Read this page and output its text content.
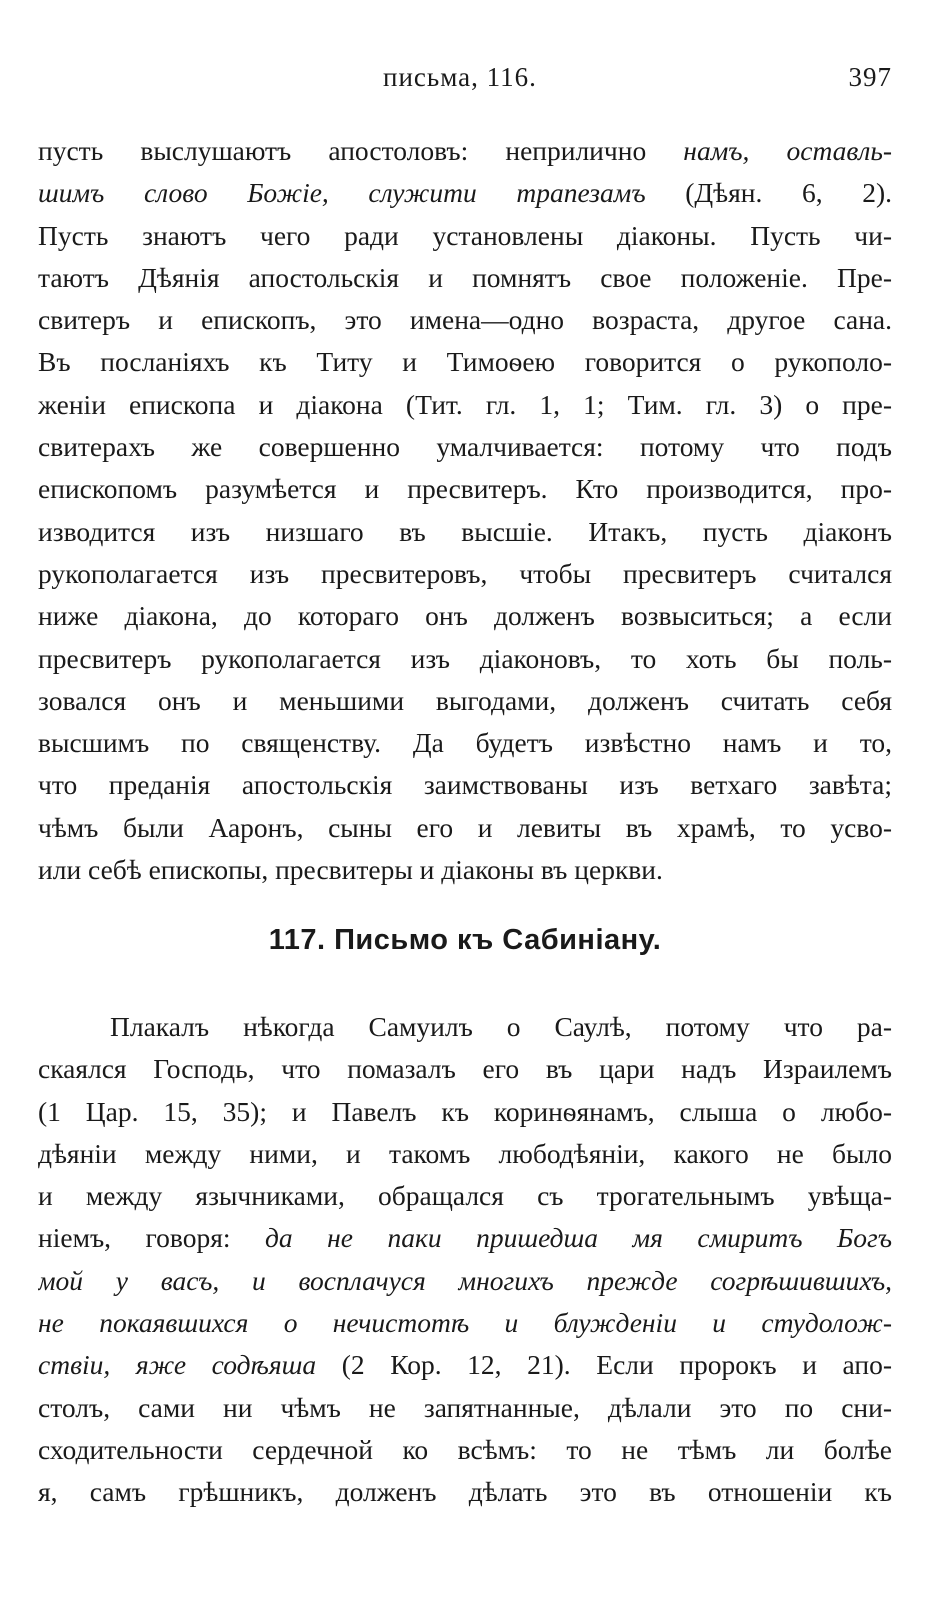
письма, 116.	397
пусть выслушаютъ апостоловъ: неприлично намъ, оставль-
шимъ слово Божіе, служити трапезамъ (Дѣян. 6, 2).
Пусть знаютъ чего ради установлены діаконы. Пусть чи-
таютъ Дѣянія апостольскія и помнятъ свое положеніе. Пре-
свитеръ и епископъ, это имена—одно возраста, другое сана.
Въ посланіяхъ къ Титу и Тимоѳею говорится о рукополо-
женіи епископа и діакона (Тит. гл. 1, 1; Тим. гл. 3) о пре-
свитерахъ же совершенно умалчивается: потому что подъ
епископомъ разумѣется и пресвитеръ. Кто производится, про-
изводится изъ низшаго въ высшіе. Итакъ, пусть діаконъ
рукополагается изъ пресвитеровъ, чтобы пресвитеръ считался
ниже діакона, до котораго онъ долженъ возвыситься; а если
пресвитеръ рукополагается изъ діаконовъ, то хоть бы поль-
зовался онъ и меньшими выгодами, долженъ считать себя
высшимъ по священству. Да будетъ извѣстно намъ и то,
что преданія апостольскія заимствованы изъ ветхаго завѣта;
чѣмъ были Ааронъ, сыны его и левиты въ храмѣ, то усво-
или себѣ епископы, пресвитеры и діаконы въ церкви.
117. Письмо къ Сабиніану.
Плакалъ нѣкогда Самуилъ о Саулѣ, потому что ра-
скаялся Господь, что помазалъ его въ цари надъ Израилемъ
(1 Цар. 15, 35); и Павелъ къ коринѳянамъ, слыша о любо-
дѣяніи между ними, и такомъ любодѣяніи, какого не было
и между язычниками, обращался съ трогательнымъ увѣща-
ніемъ, говоря: да не паки пришедша мя смиритъ Богъ
мой у васъ, и восплачуся многихъ прежде согрѣшившихъ,
не покаявшихся о нечистотѣ и блужденіи и студолож-
ствіи, яже содѣяша (2 Кор. 12, 21). Если пророкъ и апо-
столъ, сами ни чѣмъ не запятнанные, дѣлали это по сни-
сходительности сердечной ко всѣмъ: то не тѣмъ ли болѣе
я, самъ грѣшникъ, долженъ дѣлать это въ отношеніи къ
